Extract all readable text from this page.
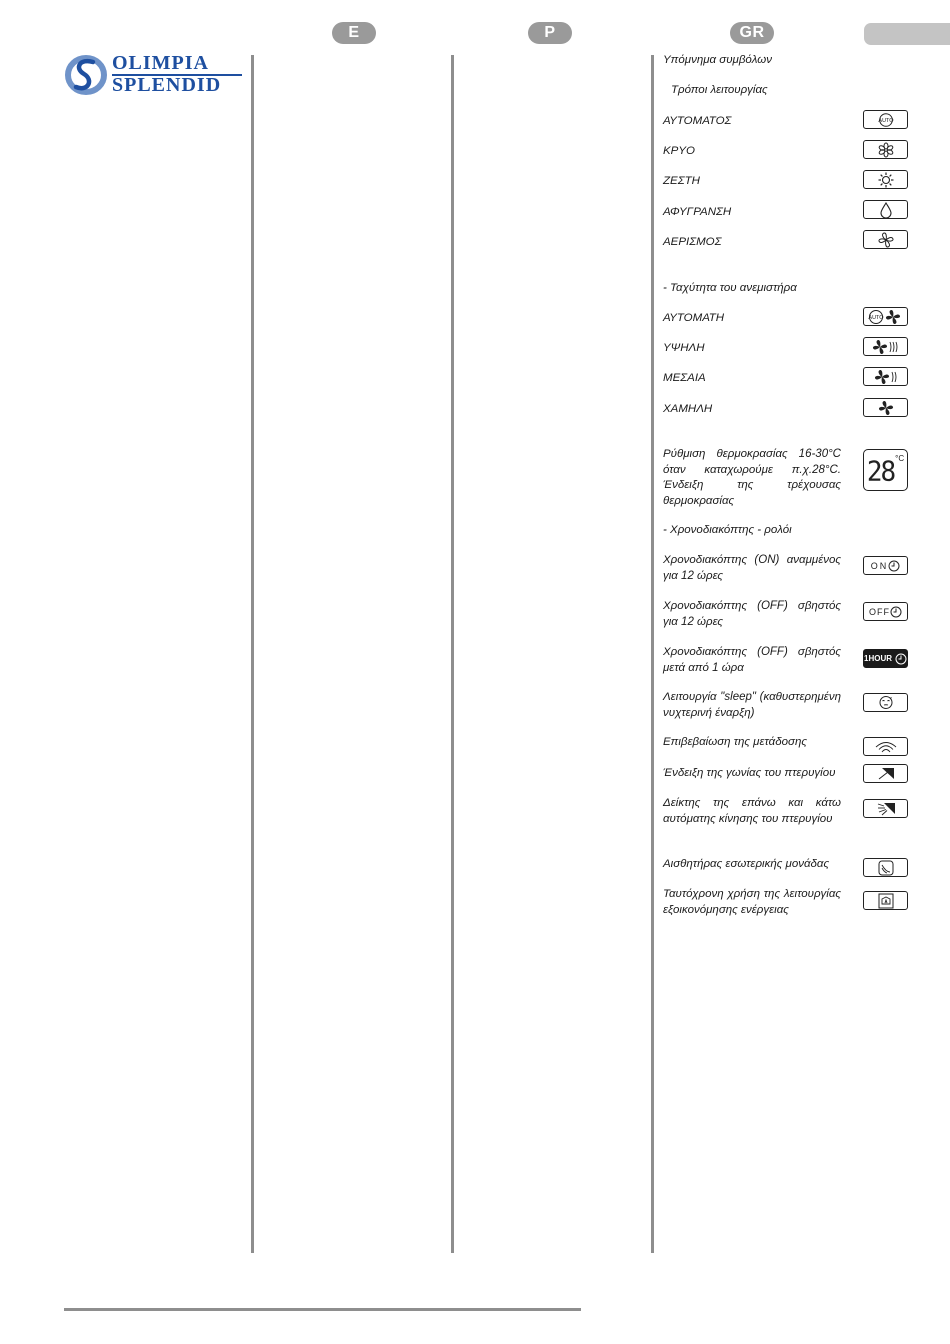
E	P	GR
OLIMPIA
SPLENDID
Υπόμνημα συμβόλων
Τρόποι λειτουργίας
ΑΥΤΟΜΑΤΟΣ
ΚΡΥΟ
ΖΕΣΤΗ
ΑΦΥΓΡΑΝΣΗ
ΑΕΡΙΣΜΟΣ
- Ταχύτητα του ανεμιστήρα
ΑΥΤΟΜΑΤΗ
ΥΨΗΛΗ
ΜΕΣΑΙΑ
ΧΑΜΗΛΗ
Ρύθμιση θερμοκρασίας 16-30°C όταν καταχωρούμε π.χ.28°C. Ένδειξη της τρέχουσας θερμοκρασίας
- Χρονοδιακόπτης - ρολόι
Χρονοδιακόπτης (ON) αναμμένος για 12 ώρες
Χρονοδιακόπτης (OFF) σβηστός για 12 ώρες
Χρονοδιακόπτης (OFF) σβηστός μετά από 1 ώρα
Λειτουργία "sleep" (καθυστερημένη νυχτερινή έναρξη)
Επιβεβαίωση της μετάδοσης
Ένδειξη της γωνίας του πτερυγίου
Δείκτης της επάνω και κάτω αυτόματης κίνησης του πτερυγίου
Αισθητήρας εσωτερικής μονάδας
Ταυτόχρονη χρήση της λειτουργίας εξοικονόμησης ενέργειας
AUTO
AUTO
28 °C
ON
OFF
1HOUR
z
